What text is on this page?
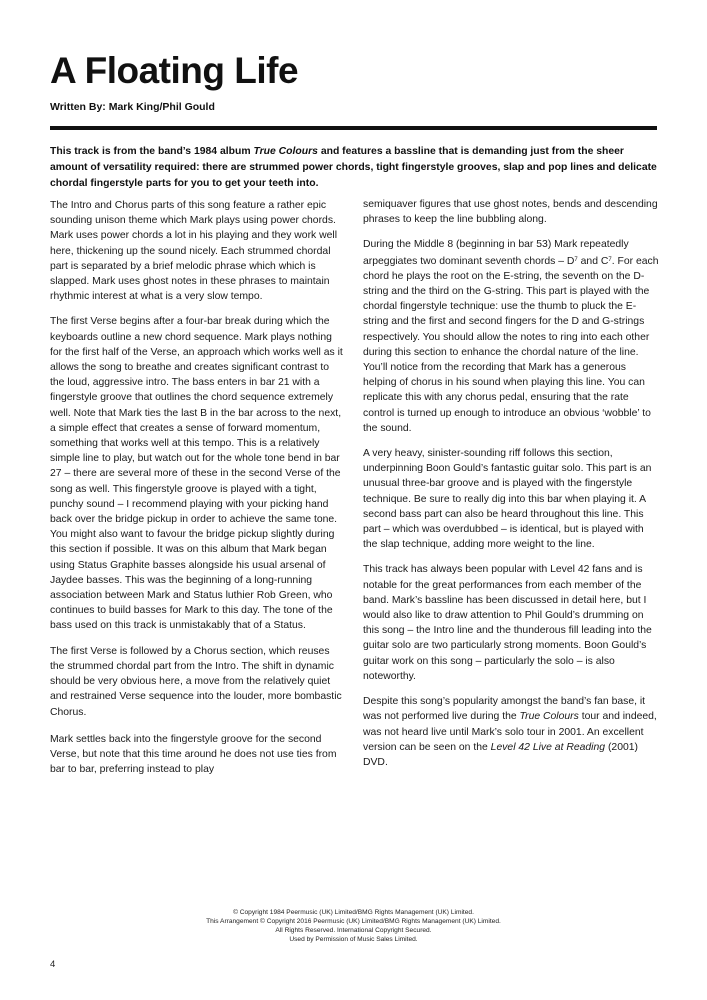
A Floating Life
Written By: Mark King/Phil Gould

This track is from the band’s 1984 album True Colours and features a bassline that is demanding just from the sheer amount of versatility required: there are strummed power chords, tight fingerstyle grooves, slap and pop lines and delicate chordal fingerstyle parts for you to get your teeth into.

The Intro and Chorus parts of this song feature a rather epic sounding unison theme which Mark plays using power chords. Mark uses power chords a lot in his playing and they work well here, thickening up the sound nicely. Each strummed chordal part is separated by a brief melodic phrase which which is slapped. Mark uses ghost notes in these phrases to maintain rhythmic interest at what is a very slow tempo.

The first Verse begins after a four-bar break during which the keyboards outline a new chord sequence. Mark plays nothing for the first half of the Verse, an approach which works well as it allows the song to breathe and creates significant contrast to the loud, aggressive intro. The bass enters in bar 21 with a fingerstyle groove that outlines the chord sequence extremely well. Note that Mark ties the last B in the bar across to the next, a simple effect that creates a sense of forward momentum, something that works well at this tempo. This is a relatively simple line to play, but watch out for the whole tone bend in bar 27 – there are several more of these in the second Verse of the song as well. This fingerstyle groove is played with a tight, punchy sound – I recommend playing with your picking hand back over the bridge pickup in order to achieve the same tone. You might also want to favour the bridge pickup slightly during this section if possible. It was on this album that Mark began using Status Graphite basses alongside his usual arsenal of Jaydee basses. This was the beginning of a long-running association between Mark and Status luthier Rob Green, who continues to build basses for Mark to this day. The tone of the bass used on this track is unmistakably that of a Status.

The first Verse is followed by a Chorus section, which reuses the strummed chordal part from the Intro. The shift in dynamic should be very obvious here, a move from the relatively quiet and restrained Verse sequence into the louder, more bombastic Chorus.

Mark settles back into the fingerstyle groove for the second Verse, but note that this time around he does not use ties from bar to bar, preferring instead to play

semiquaver figures that use ghost notes, bends and descending phrases to keep the line bubbling along.

During the Middle 8 (beginning in bar 53) Mark repeatedly arpeggiates two dominant seventh chords – $D^7$ and $C^7$. For each chord he plays the root on the E-string, the seventh on the D-string and the third on the G-string. This part is played with the chordal fingerstyle technique: use the thumb to pluck the E-string and the first and second fingers for the D and G-strings respectively. You should allow the notes to ring into each other during this section to enhance the chordal nature of the line. You’ll notice from the recording that Mark has a generous helping of chorus in his sound when playing this line. You can replicate this with any chorus pedal, ensuring that the rate control is turned up enough to introduce an obvious ‘wobble’ to the sound.

A very heavy, sinister-sounding riff follows this section, underpinning Boon Gould’s fantastic guitar solo. This part is an unusual three-bar groove and is played with the fingerstyle technique. Be sure to really dig into this bar when playing it. A second bass part can also be heard throughout this line. This part – which was overdubbed – is identical, but is played with the slap technique, adding more weight to the line.

This track has always been popular with Level 42 fans and is notable for the great performances from each member of the band. Mark’s bassline has been discussed in detail here, but I would also like to draw attention to Phil Gould’s drumming on this song – the Intro line and the thunderous fill leading into the guitar solo are two particularly strong moments. Boon Gould’s guitar work on this song – particularly the solo – is also noteworthy.

Despite this song’s popularity amongst the band’s fan base, it was not performed live during the True Colours tour and indeed, was not heard live until Mark’s solo tour in 2001. An excellent version can be seen on the Level 42 Live at Reading (2001) DVD.

© Copyright 1984 Peermusic (UK) Limited/BMG Rights Management (UK) Limited.
This Arrangement © Copyright 2016 Peermusic (UK) Limited/BMG Rights Management (UK) Limited.
All Rights Reserved. International Copyright Secured.
Used by Permission of Music Sales Limited.
4
